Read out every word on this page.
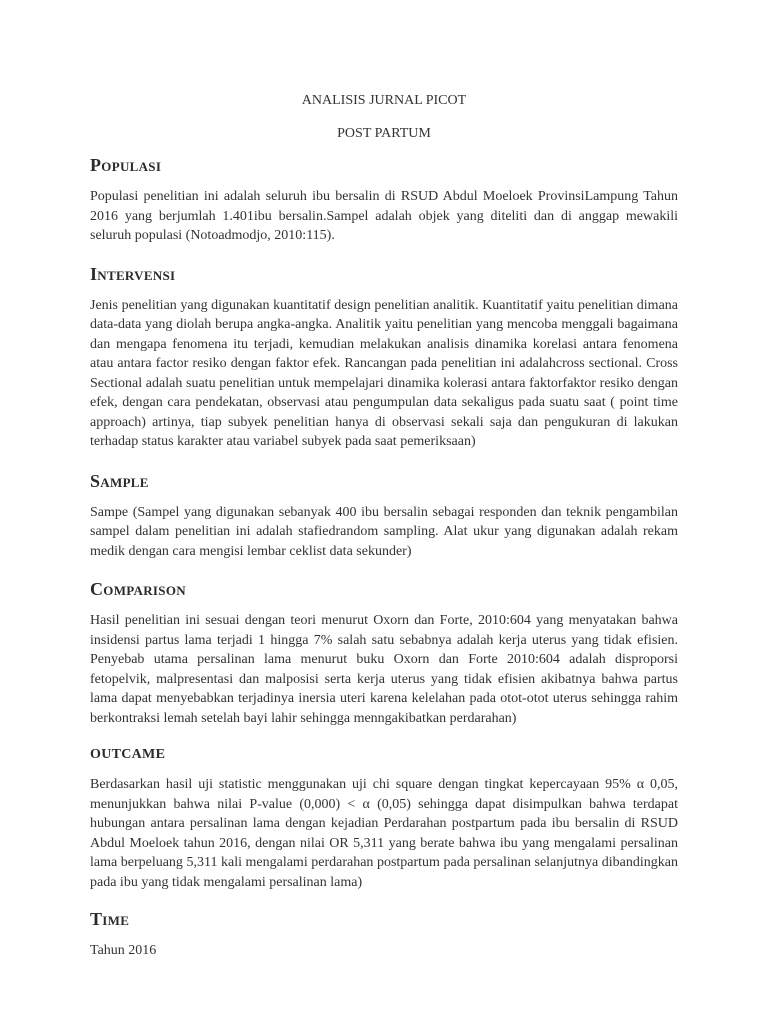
ANALISIS JURNAL PICOT

POST PARTUM

Populasi

Populasi penelitian ini adalah seluruh ibu bersalin di RSUD Abdul Moeloek ProvinsiLampung Tahun 2016 yang berjumlah 1.401ibu bersalin.Sampel adalah objek yang diteliti dan di anggap mewakili seluruh populasi (Notoadmodjo, 2010:115).

Intervensi

Jenis penelitian yang digunakan kuantitatif design penelitian analitik. Kuantitatif yaitu penelitian dimana data-data yang diolah berupa angka-angka. Analitik yaitu penelitian yang mencoba menggali bagaimana dan mengapa fenomena itu terjadi, kemudian melakukan analisis dinamika korelasi antara fenomena atau antara factor resiko dengan faktor efek. Rancangan pada penelitian ini adalahcross sectional. Cross Sectional adalah suatu penelitian untuk mempelajari dinamika kolerasi antara faktorfaktor resiko dengan efek, dengan cara pendekatan, observasi atau pengumpulan data sekaligus pada suatu saat ( point time approach) artinya, tiap subyek penelitian hanya di observasi sekali saja dan pengukuran di lakukan terhadap status karakter atau variabel subyek pada saat pemeriksaan)

Sample

Sampe (Sampel yang digunakan sebanyak 400 ibu bersalin sebagai responden dan teknik pengambilan sampel dalam penelitian ini adalah stafiedrandom sampling. Alat ukur yang digunakan adalah rekam medik dengan cara mengisi lembar ceklist data sekunder)

Comparison

Hasil penelitian ini sesuai dengan teori menurut Oxorn dan Forte, 2010:604 yang menyatakan bahwa insidensi partus lama terjadi 1 hingga 7% salah satu sebabnya adalah kerja uterus yang tidak efisien. Penyebab utama persalinan lama menurut buku Oxorn dan Forte 2010:604 adalah disproporsi fetopelvik, malpresentasi dan malposisi serta kerja uterus yang tidak efisien akibatnya bahwa partus lama dapat menyebabkan terjadinya inersia uteri karena kelelahan pada otot-otot uterus sehingga rahim berkontraksi lemah setelah bayi lahir sehingga menngakibatkan perdarahan)

OUTCAME

Berdasarkan hasil uji statistic menggunakan uji chi square dengan tingkat kepercayaan 95% α 0,05, menunjukkan bahwa nilai P-value (0,000) < α (0,05) sehingga dapat disimpulkan bahwa terdapat hubungan antara persalinan lama dengan kejadian Perdarahan postpartum pada ibu bersalin di RSUD Abdul Moeloek tahun 2016, dengan nilai OR 5,311 yang berate bahwa ibu yang mengalami persalinan lama berpeluang 5,311 kali mengalami perdarahan postpartum pada persalinan selanjutnya dibandingkan pada ibu yang tidak mengalami persalinan lama)

Time

Tahun 2016
